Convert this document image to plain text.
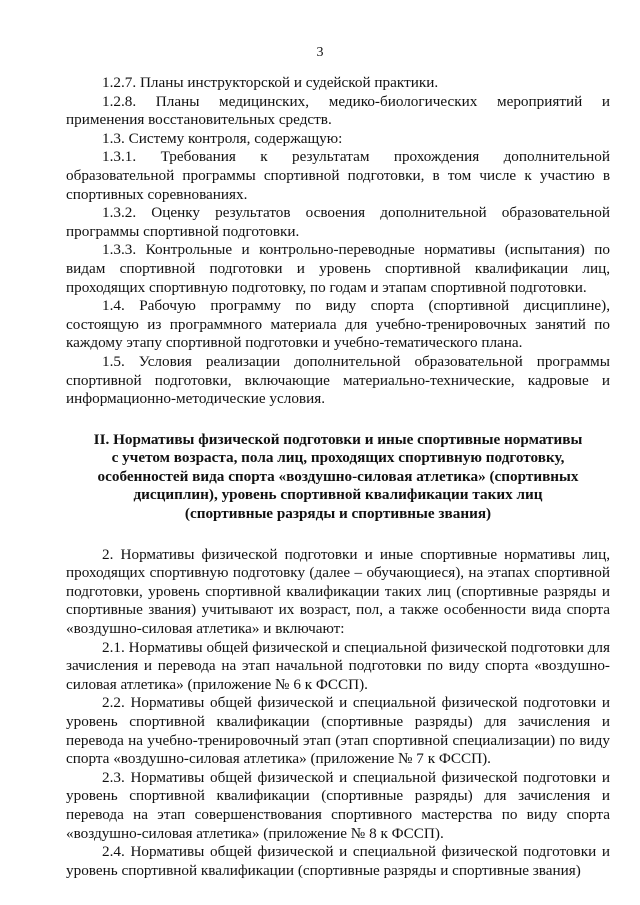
3

1.2.7. Планы инструкторской и судейской практики.

1.2.8. Планы медицинских, медико-биологических мероприятий и применения восстановительных средств.

1.3. Систему контроля, содержащую:

1.3.1. Требования к результатам прохождения дополнительной образовательной программы спортивной подготовки, в том числе к участию в спортивных соревнованиях.

1.3.2. Оценку результатов освоения дополнительной образовательной программы спортивной подготовки.

1.3.3. Контрольные и контрольно-переводные нормативы (испытания) по видам спортивной подготовки и уровень спортивной квалификации лиц, проходящих спортивную подготовку, по годам и этапам спортивной подготовки.

1.4. Рабочую программу по виду спорта (спортивной дисциплине), состоящую из программного материала для учебно-тренировочных занятий по каждому этапу спортивной подготовки и учебно-тематического плана.

1.5. Условия реализации дополнительной образовательной программы спортивной подготовки, включающие материально-технические, кадровые и информационно-методические условия.

II. Нормативы физической подготовки и иные спортивные нормативы
с учетом возраста, пола лиц, проходящих спортивную подготовку,
особенностей вида спорта «воздушно-силовая атлетика» (спортивных
дисциплин), уровень спортивной квалификации таких лиц
(спортивные разряды и спортивные звания)

2. Нормативы физической подготовки и иные спортивные нормативы лиц, проходящих спортивную подготовку (далее – обучающиеся), на этапах спортивной подготовки, уровень спортивной квалификации таких лиц (спортивные разряды и спортивные звания) учитывают их возраст, пол, а также особенности вида спорта «воздушно-силовая атлетика» и включают:

2.1. Нормативы общей физической и специальной физической подготовки для зачисления и перевода на этап начальной подготовки по виду спорта «воздушно-силовая атлетика» (приложение № 6 к ФССП).

2.2. Нормативы общей физической и специальной физической подготовки и уровень спортивной квалификации (спортивные разряды) для зачисления и перевода на учебно-тренировочный этап (этап спортивной специализации) по виду спорта «воздушно-силовая атлетика» (приложение № 7 к ФССП).

2.3. Нормативы общей физической и специальной физической подготовки и уровень спортивной квалификации (спортивные разряды) для зачисления и перевода на этап совершенствования спортивного мастерства по виду спорта «воздушно-силовая атлетика» (приложение № 8 к ФССП).

2.4. Нормативы общей физической и специальной физической подготовки и уровень спортивной квалификации (спортивные разряды и спортивные звания)
